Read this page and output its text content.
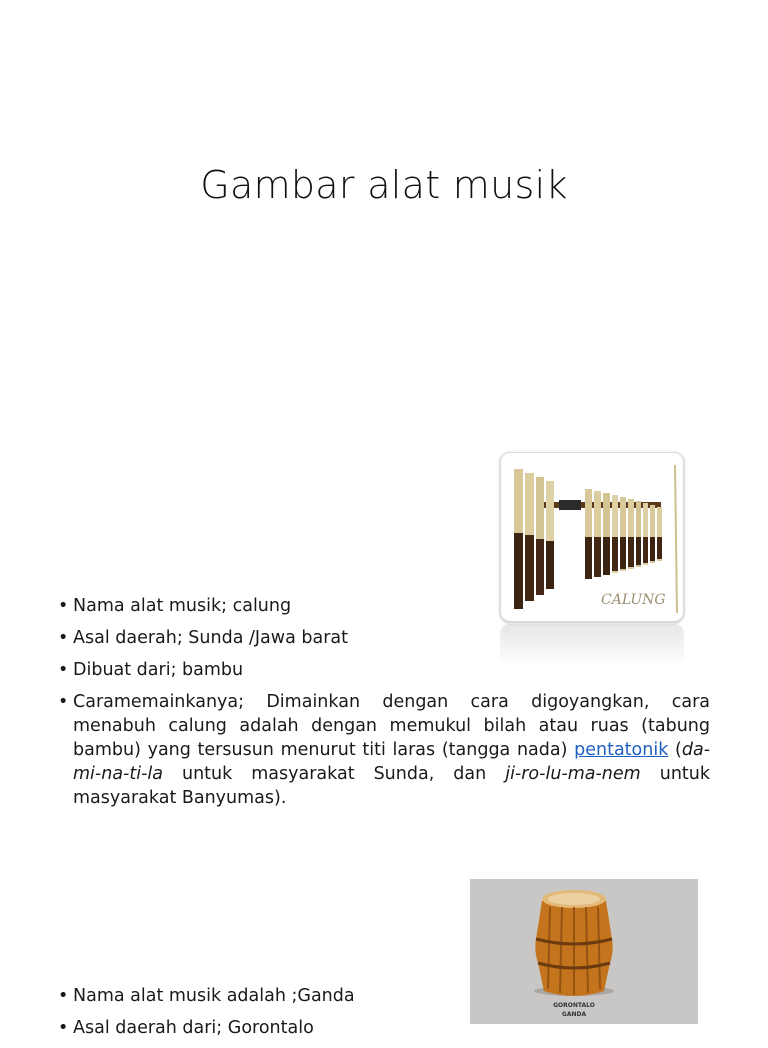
Gambar alat musik
CALUNG
• Nama alat musik; calung
• Asal daerah; Sunda /Jawa barat
• Dibuat dari; bambu
• Caramemainkanya; Dimainkan dengan cara digoyangkan, cara menabuh calung adalah dengan memukul bilah atau ruas (tabung bambu) yang tersusun menurut titi laras (tangga nada) pentatonik (da-mi-na-ti-la untuk masyarakat Sunda, dan ji-ro-lu-ma-nem untuk masyarakat Banyumas).
GORONTALO
GANDA
• Nama alat musik adalah ;Ganda
• Asal daerah dari; Gorontalo
